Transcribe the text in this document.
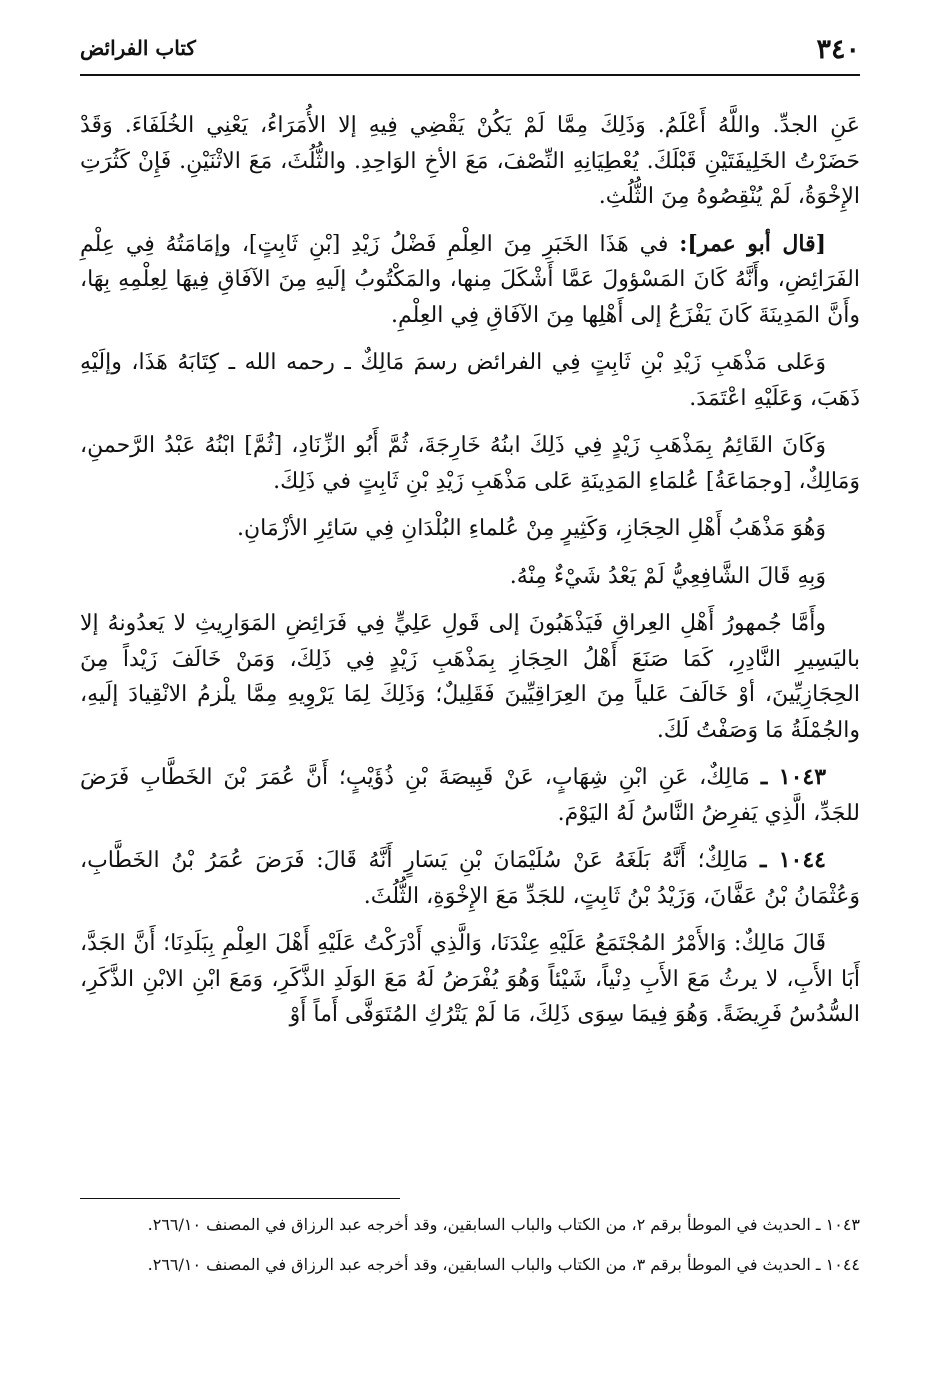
٣٤٠
كتاب الفرائض

عَنِ الجدِّ. واللَّهُ أَعْلَمُ. وَذَلِكَ مِمَّا لَمْ يَكُنْ يَقْضِي فِيهِ إلا الأُمَرَاءُ، يَعْنِي الخُلَفَاءَ. وَقَدْ حَضَرْتُ الخَلِيفَتَيْنِ قَبْلَكَ. يُعْطِيَانِهِ النِّصْفَ، مَعَ الأخِ الوَاحِدِ. والثُّلُثَ، مَعَ الاثْنَيْنِ. فَإِنْ كَثُرَتِ الإِخْوَةُ، لَمْ يُنْقِصُوهُ مِنَ الثُّلُثِ.

[قال أبو عمر]: في هَذَا الخَبَرِ مِنَ العِلْمِ فَضْلُ زَيْدِ [بْنِ ثَابِتٍ]، وإمَامَتُهُ فِي عِلْمِ الفَرَائِضِ، وأَنَّهُ كَانَ المَسْؤولَ عَمَّا أَشْكَلَ مِنها، والمَكْتُوبُ إلَيهِ مِنَ الآفَاقِ فِيهَا لِعِلْمِهِ بِهَا، وأَنَّ المَدِينَةَ كَانَ يَفْزَعُ إلى أَهْلِها مِنَ الآفَاقِ فِي العِلْمِ.

وَعَلى مَذْهَبِ زَيْدِ بْنِ ثَابِتٍ فِي الفرائض رسمَ مَالِكٌ ـ رحمه الله ـ كِتَابَهُ هَذَا، وإلَيْهِ ذَهَبَ، وَعَلَيْهِ اعْتَمَدَ.

وَكَانَ القَائِمُ بِمَذْهَبِ زَيْدٍ فِي ذَلِكَ ابنُهُ خَارِجَةَ، ثُمَّ أَبُو الزِّنَادِ، [ثُمَّ] ابْنُهُ عَبْدُ الرَّحمنِ، وَمَالِكٌ، [وجمَاعَةُ] عُلمَاءِ المَدِينَةِ عَلى مَذْهَبِ زَيْدِ بْنِ ثَابِتٍ في ذَلِكَ.

وَهُوَ مَذْهَبُ أَهْلِ الحِجَازِ، وَكَثِيرٍ مِنْ عُلماءِ البُلْدَانِ فِي سَائِرِ الأزْمَانِ.

وَبِهِ قَالَ الشَّافِعِيُّ لَمْ يَعْدُ شَيْءٌ مِنْهُ.

وأَمَّا جُمهورُ أَهْلِ العِراقِ فَيَذْهَبُونَ إلى قَولِ عَلِيٍّ فِي فَرَائِضِ المَوَارِيثِ لا يَعدُونهُ إلا باليَسِيرِ النَّادِرِ، كَمَا صَنَعَ أَهْلُ الحِجَازِ بِمَذْهَبِ زَيْدٍ فِي ذَلِكَ، وَمَنْ خَالَفَ زَيْداً مِنَ الحِجَازِيِّينَ، أوْ خَالَفَ عَلياً مِنَ العِرَاقِيِّينَ فَقَلِيلٌ؛ وَذَلِكَ لِمَا يَرْوِيهِ مِمَّا يلْزمُ الانْقِيادَ إلَيهِ، والجُمْلَةُ مَا وَصَفْتُ لَكَ.

١٠٤٣ ـ مَالِكٌ، عَنِ ابْنِ شِهَابٍ، عَنْ قَبِيصَةَ بْنِ ذُؤَيْبٍ؛ أَنَّ عُمَرَ بْنَ الخَطَّابِ فَرَضَ للجَدِّ، الَّذِي يَفرِضُ النَّاسُ لَهُ اليَوْمَ.

١٠٤٤ ـ مَالِكٌ؛ أَنَّهُ بَلَغَهُ عَنْ سُلَيْمَانَ بْنِ يَسَارٍ أَنَّهُ قَالَ: فَرَضَ عُمَرُ بْنُ الخَطَّابِ، وَعُثْمَانُ بْنُ عَفَّانَ، وَزَيْدُ بْنُ ثَابِتٍ، للجَدِّ مَعَ الإِخْوَةِ، الثُّلُثَ.

قَالَ مَالِكٌ: وَالأَمْرُ المُجْتَمَعُ عَلَيْهِ عِنْدَنَا، وَالَّذِي أَدْرَكْتُ عَلَيْهِ أَهْلَ العِلْمِ بِبَلَدِنَا؛ أَنَّ الجَدَّ، أَبَا الأَبِ، لا يرثُ مَعَ الأَبِ دِنْياً، شَيْئاً وَهُوَ يُفْرَضُ لَهُ مَعَ الوَلَدِ الذَّكَرِ، وَمَعَ ابْنِ الابْنِ الذَّكَرِ، السُّدُسُ فَرِيضَةً. وَهُوَ فِيمَا سِوَى ذَلِكَ، مَا لَمْ يَتْرُكِ المُتَوَفَّى أَماً أَوْ

١٠٤٣ ـ الحديث في الموطأ برقم ٢، من الكتاب والباب السابقين، وقد أخرجه عبد الرزاق في المصنف ٢٦٦/١٠.

١٠٤٤ ـ الحديث في الموطأ برقم ٣، من الكتاب والباب السابقين، وقد أخرجه عبد الرزاق في المصنف ٢٦٦/١٠.
